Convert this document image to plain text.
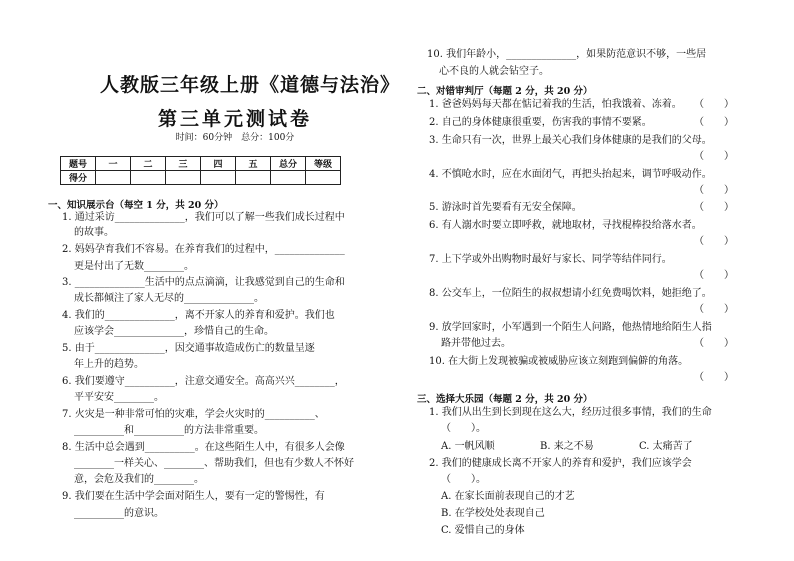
人教版三年级上册《道德与法治》
第三单元测试卷
时间：60分钟　总分：100分
题号	一	二	三	四	五	总分	等级
得分							
一、知识展示台（每空 1 分，共 20 分）
1. 通过采访______________，我们可以了解一些我们成长过程中
的故事。
2. 妈妈孕育我们不容易。在养育我们的过程中，______________
更是付出了无数________。
3. ______________生活中的点点滴滴，让我感觉到自己的生命和
成长都倾注了家人无尽的______________。
4. 我们的______________，离不开家人的养育和爱护。我们也
应该学会______________，珍惜自己的生命。
5. 由于______________，因交通事故造成伤亡的数量呈逐
年上升的趋势。
6. 我们要遵守__________，注意交通安全。高高兴兴________，
平平安安________。
7. 火灾是一种非常可怕的灾难，学会火灾时的__________、
__________和__________的方法非常重要。
8. 生活中总会遇到__________。在这些陌生人中，有很多人会像
________一样关心、________、帮助我们，但也有少数人不怀好
意，会危及我们的________。
9. 我们要在生活中学会面对陌生人，要有一定的警惕性，有
__________的意识。
10. 我们年龄小，______________，如果防范意识不够，一些居
心不良的人就会钻空子。
二、对错审判厅（每题 2 分，共 20 分）
1. 爸爸妈妈每天都在惦记着我的生活，怕我饿着、冻着。 （　　）
2. 自己的身体健康很重要，伤害我的事情不要紧。	（　　）
3. 生命只有一次，世界上最关心我们身体健康的是我们的父母。
（　　）
4. 不慎呛水时，应在水面闭气，再把头抬起来，调节呼吸动作。
（　　）
5. 游泳时首先要看有无安全保障。	（　　）
6. 有人溺水时要立即呼救，就地取材，寻找棍棒投给落水者。
（　　）
7. 上下学或外出购物时最好与家长、同学等结伴同行。
（　　）
8. 公交车上，一位陌生的叔叔想请小红免费喝饮料，她拒绝了。
（　　）
9. 放学回家时，小军遇到一个陌生人问路，他热情地给陌生人指
路并带他过去。	（　　）
10. 在大街上发现被骗或被威胁应该立刻跑到偏僻的角落。
（　　）
三、选择大乐园（每题 2 分，共 20 分）
1. 我们从出生到长到现在这么大，经历过很多事情，我们的生命
（　　）。
A. 一帆风顺	B. 来之不易	C. 太痛苦了
2. 我们的健康成长离不开家人的养育和爱护，我们应该学会
（　　）。
A. 在家长面前表现自己的才艺
B. 在学校处处表现自己
C. 爱惜自己的身体
